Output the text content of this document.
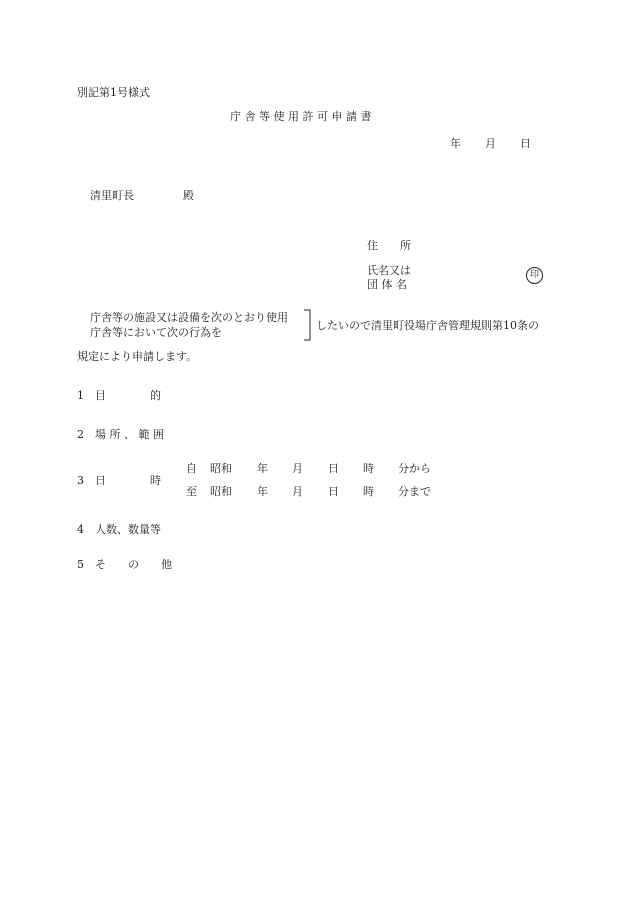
別記第1号様式
庁 舎 等 使 用 許 可 申 請 書
年 月 日
清里町長	殿
住　　所
氏名又は
団 体 名
印
庁舎等の施設又は設備を次のとおり使用
庁舎等において次の行為を
したいので清里町役場庁舎管理規則第10条の
規定により申請します。
1 目　　　　的
2 場 所 、 範 囲
3 日　　　　時
自 昭和 年 月 日 時 分から
至 昭和 年 月 日 時 分まで
4 人数、数量等
5 そ　　の　　他
